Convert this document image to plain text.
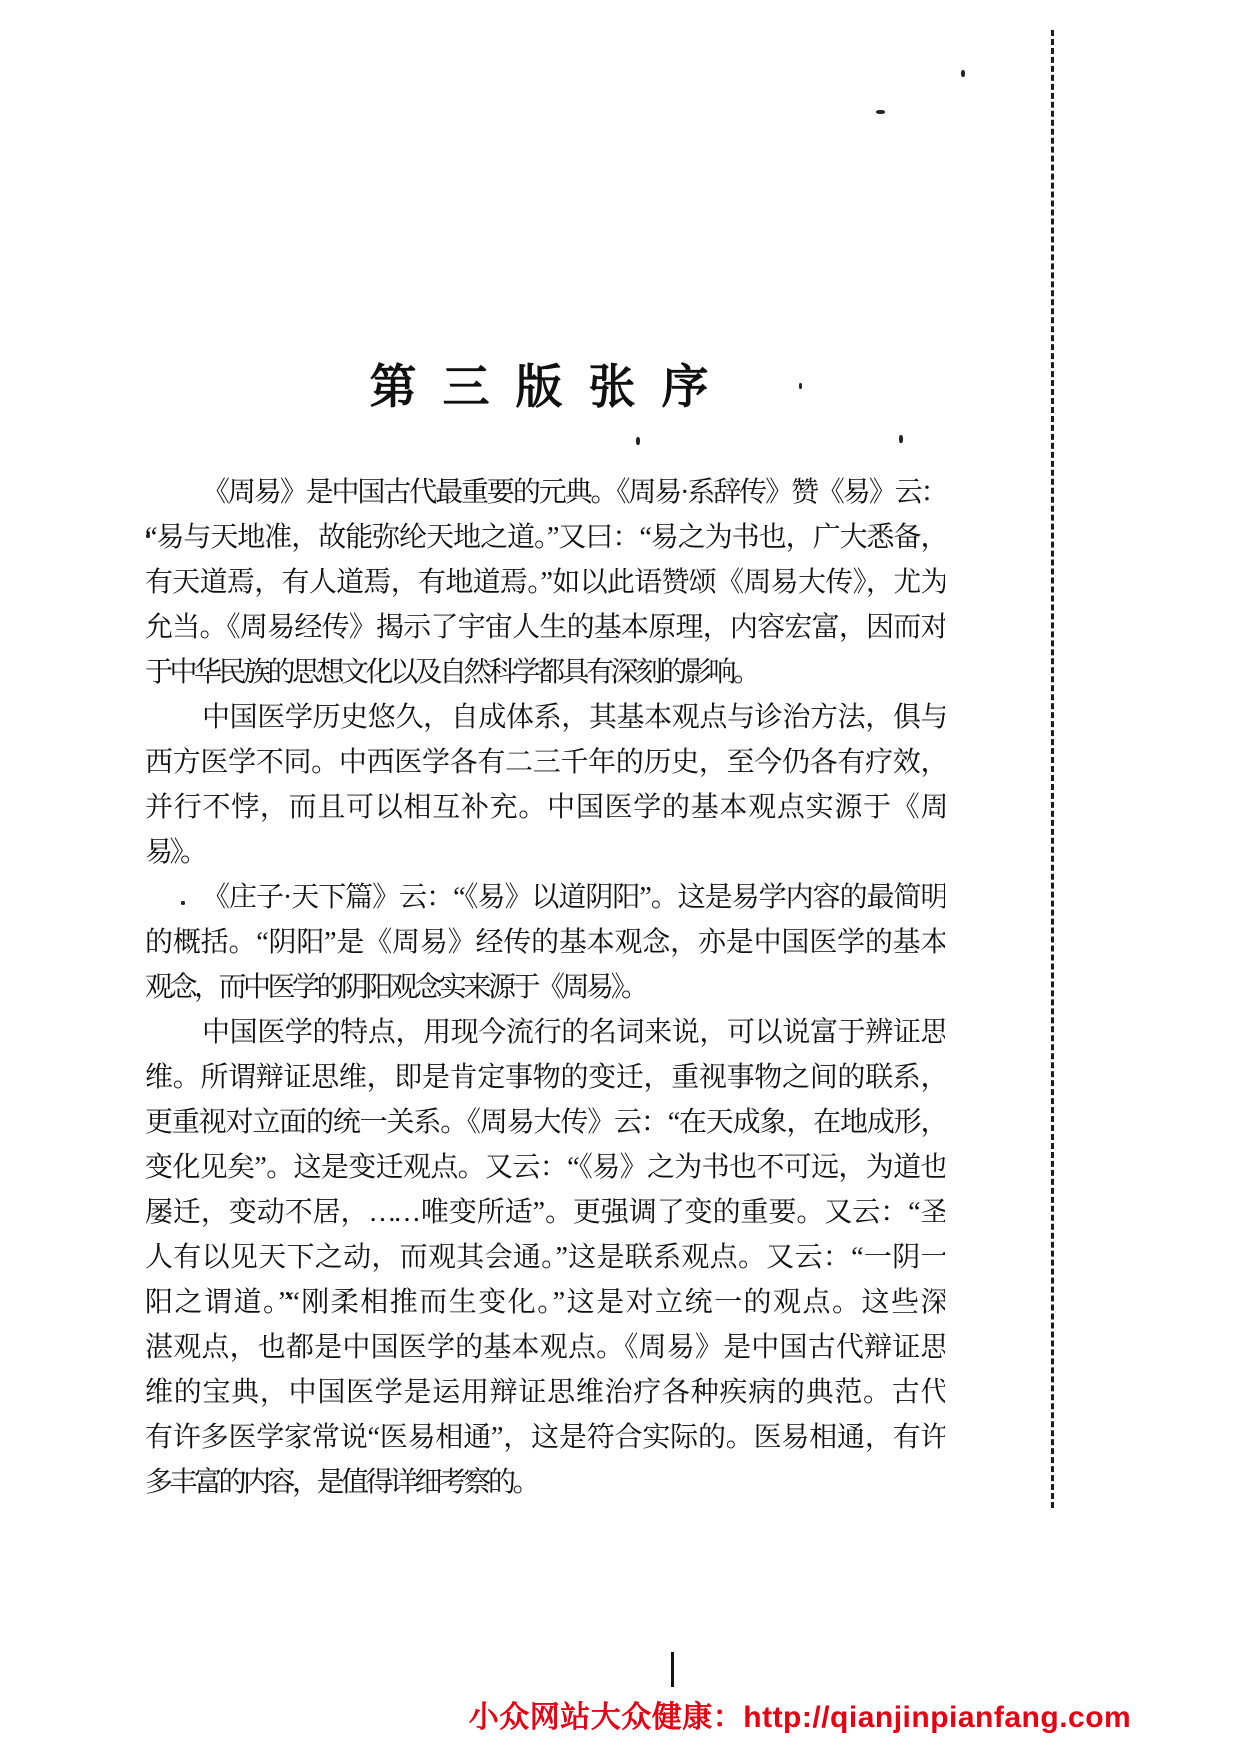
第三版张序
《周易》是中国古代最重要的元典。《周易·系辞传》赞《易》云：
“易与天地准，故能弥纶天地之道。”又曰：“易之为书也，广大悉备，
有天道焉，有人道焉，有地道焉。”如以此语赞颂《周易大传》，尤为
允当。《周易经传》揭示了宇宙人生的基本原理，内容宏富，因而对
于中华民族的思想文化以及自然科学都具有深刻的影响。
中国医学历史悠久，自成体系，其基本观点与诊治方法，俱与
西方医学不同。中西医学各有二三千年的历史，至今仍各有疗效，
并行不悖，而且可以相互补充。中国医学的基本观点实源于《周
易》。
《庄子·天下篇》云：“《易》以道阴阳”。这是易学内容的最简明
的概括。“阴阳”是《周易》经传的基本观念，亦是中国医学的基本
观念，而中医学的阴阳观念实来源于《周易》。
中国医学的特点，用现今流行的名词来说，可以说富于辨证思
维。所谓辩证思维，即是肯定事物的变迁，重视事物之间的联系，
更重视对立面的统一关系。《周易大传》云：“在天成象，在地成形，
变化见矣”。这是变迁观点。又云：“《易》之为书也不可远，为道也
屡迁，变动不居，……唯变所适”。更强调了变的重要。又云：“圣
人有以见天下之动，而观其会通。”这是联系观点。又云：“一阴一
阳之谓道。”“刚柔相推而生变化。”这是对立统一的观点。这些深
湛观点，也都是中国医学的基本观点。《周易》是中国古代辩证思
维的宝典，中国医学是运用辩证思维治疗各种疾病的典范。古代
有许多医学家常说“医易相通”，这是符合实际的。医易相通，有许
多丰富的内容，是值得详细考察的。
小众网站大众健康：http://qianjinpianfang.com
